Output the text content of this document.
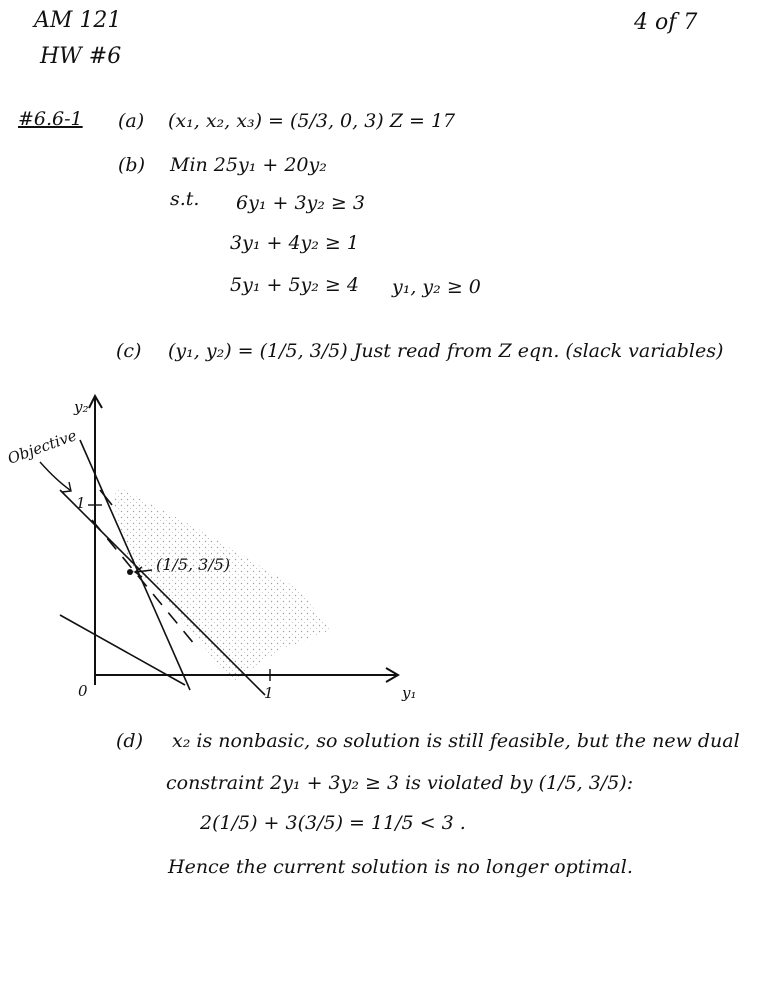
AM 121
HW #6
4 of 7
#6.6-1 (a) (x₁, x₂, x₃) = (5/3, 0, 3) Z = 17
(b) Min 25y₁ + 20y₂
s.t. 6y₁ + 3y₂ ≥ 3
3y₁ + 4y₂ ≥ 1
5y₁ + 5y₂ ≥ 4 y₁, y₂ ≥ 0
(c) (y₁, y₂) = (1/5, 3/5) Just read from Z eqn. (slack variables)
y₂
y₁
0
1
1
Objective
(1/5, 3/5)
(d) x₂ is nonbasic, so solution is still feasible, but the new dual
constraint 2y₁ + 3y₂ ≥ 3 is violated by (1/5, 3/5):
2(1/5) + 3(3/5) = 11/5 < 3 .
Hence the current solution is no longer optimal.
